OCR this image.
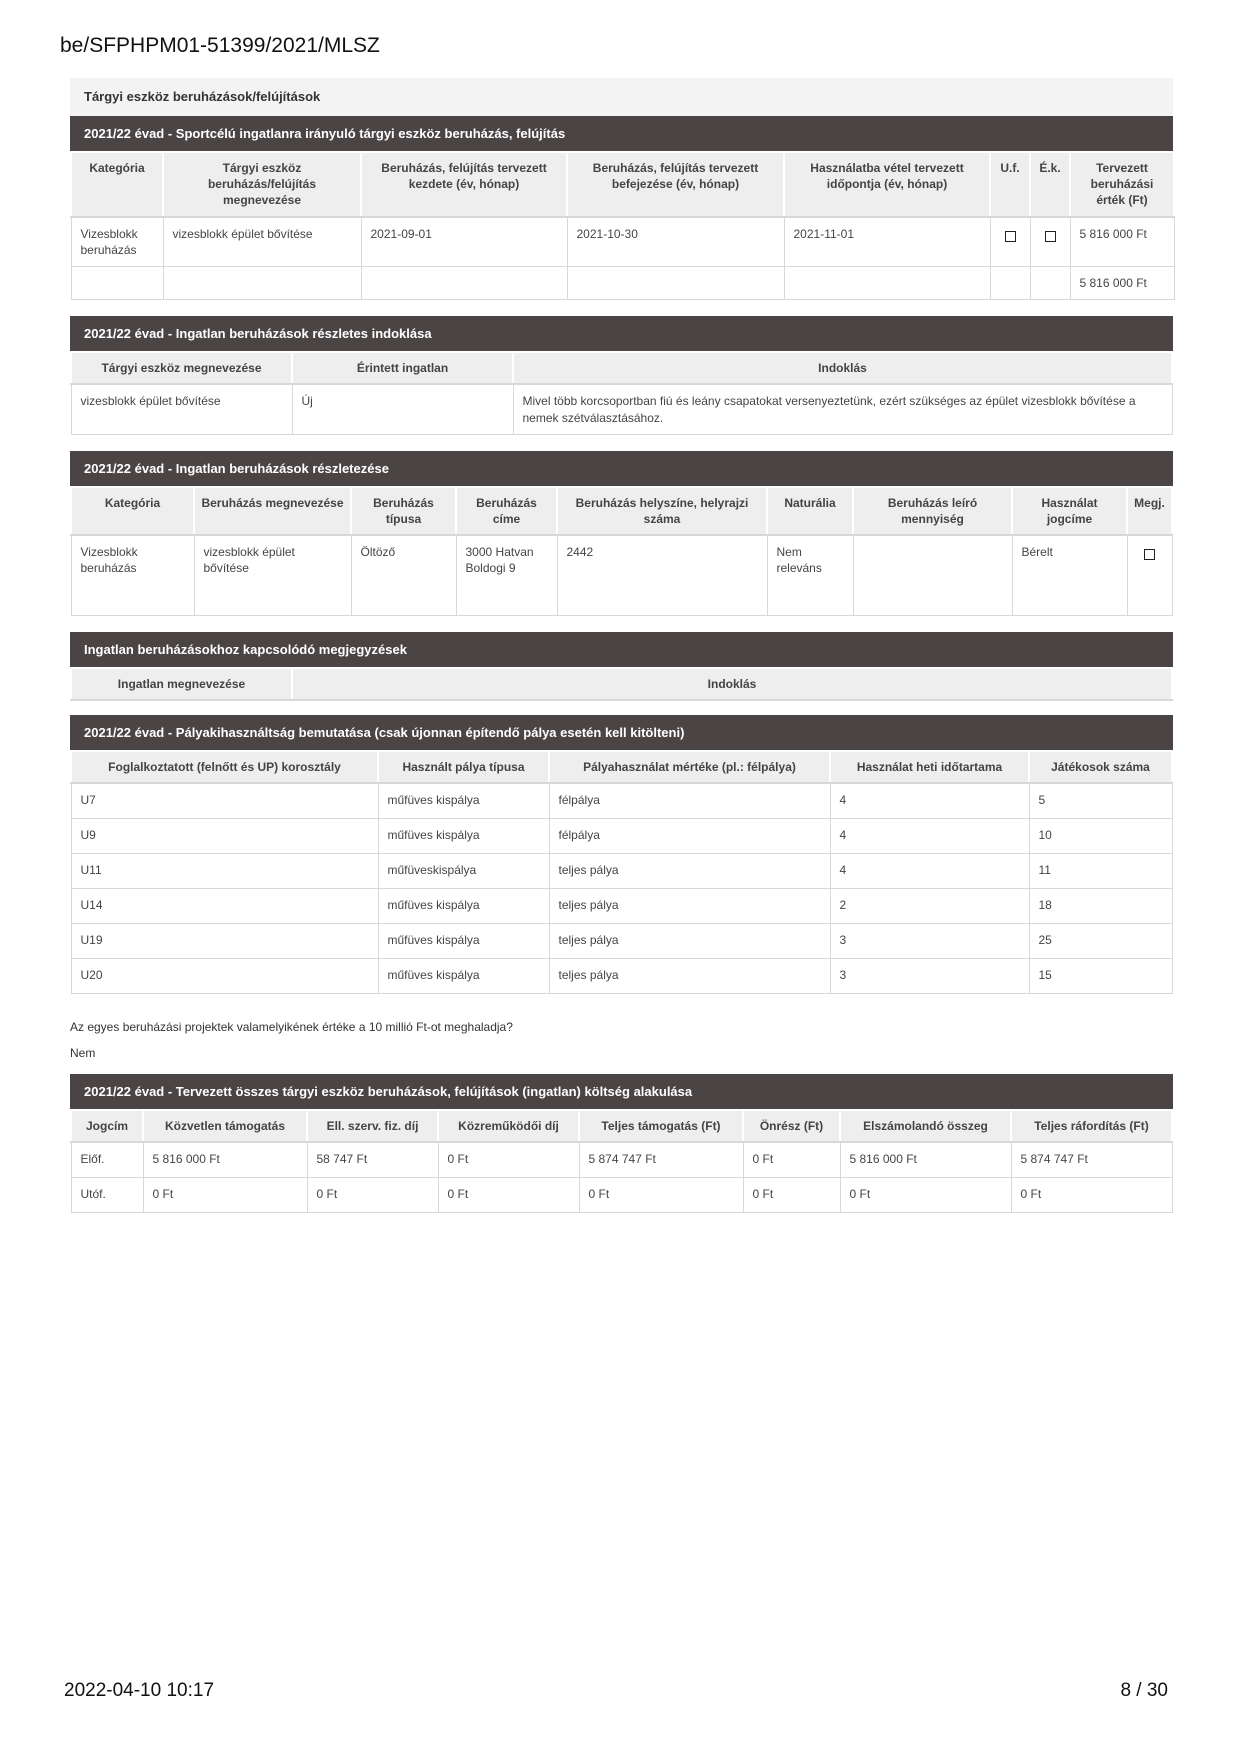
be/SFPHPM01-51399/2021/MLSZ
Tárgyi eszköz beruházások/felújítások
2021/22 évad - Sportcélú ingatlanra irányuló tárgyi eszköz beruházás, felújítás
Kategória	Tárgyi eszköz beruházás/felújítás megnevezése	Beruházás, felújítás tervezett kezdete (év, hónap)	Beruházás, felújítás tervezett befejezése (év, hónap)	Használatba vétel tervezett időpontja (év, hónap)	U.f.	É.k.	Tervezett beruházási érték (Ft)
Vizesblokk beruházás	vizesblokk épület bővítése	2021-09-01	2021-10-30	2021-11-01			5 816 000 Ft
							5 816 000 Ft
2021/22 évad - Ingatlan beruházások részletes indoklása
Tárgyi eszköz megnevezése	Érintett ingatlan	Indoklás
vizesblokk épület bővítése	Új	Mivel több korcsoportban fiú és leány csapatokat versenyeztetünk, ezért szükséges az épület vizesblokk bővítése a nemek szétválasztásához.
2021/22 évad - Ingatlan beruházások részletezése
Kategória	Beruházás megnevezése	Beruházás típusa	Beruházás címe	Beruházás helyszíne, helyrajzi száma	Naturália	Beruházás leíró mennyiség	Használat jogcíme	Megj.
Vizesblokk beruházás	vizesblokk épület bővítése	Öltöző	3000 Hatvan Boldogi 9	2442	Nem releváns		Bérelt	
Ingatlan beruházásokhoz kapcsolódó megjegyzések
Ingatlan megnevezése	Indoklás
2021/22 évad - Pályakihasználtság bemutatása (csak újonnan építendő pálya esetén kell kitölteni)
Foglalkoztatott (felnőtt és UP) korosztály	Használt pálya típusa	Pályahasználat mértéke (pl.: félpálya)	Használat heti időtartama	Játékosok száma
U7	műfüves kispálya	félpálya	4	5
U9	műfüves kispálya	félpálya	4	10
U11	műfüveskispálya	teljes pálya	4	11
U14	műfüves kispálya	teljes pálya	2	18
U19	műfüves kispálya	teljes pálya	3	25
U20	műfüves kispálya	teljes pálya	3	15

Az egyes beruházási projektek valamelyikének értéke a 10 millió Ft-ot meghaladja?

Nem

2021/22 évad - Tervezett összes tárgyi eszköz beruházások, felújítások (ingatlan) költség alakulása
Jogcím	Közvetlen támogatás	Ell. szerv. fiz. díj	Közreműködői díj	Teljes támogatás (Ft)	Önrész (Ft)	Elszámolandó összeg	Teljes ráfordítás (Ft)
Előf.	5 816 000 Ft	58 747 Ft	0 Ft	5 874 747 Ft	0 Ft	5 816 000 Ft	5 874 747 Ft
Utóf.	0 Ft	0 Ft	0 Ft	0 Ft	0 Ft	0 Ft	0 Ft
2022-04-10 10:17	8 / 30
